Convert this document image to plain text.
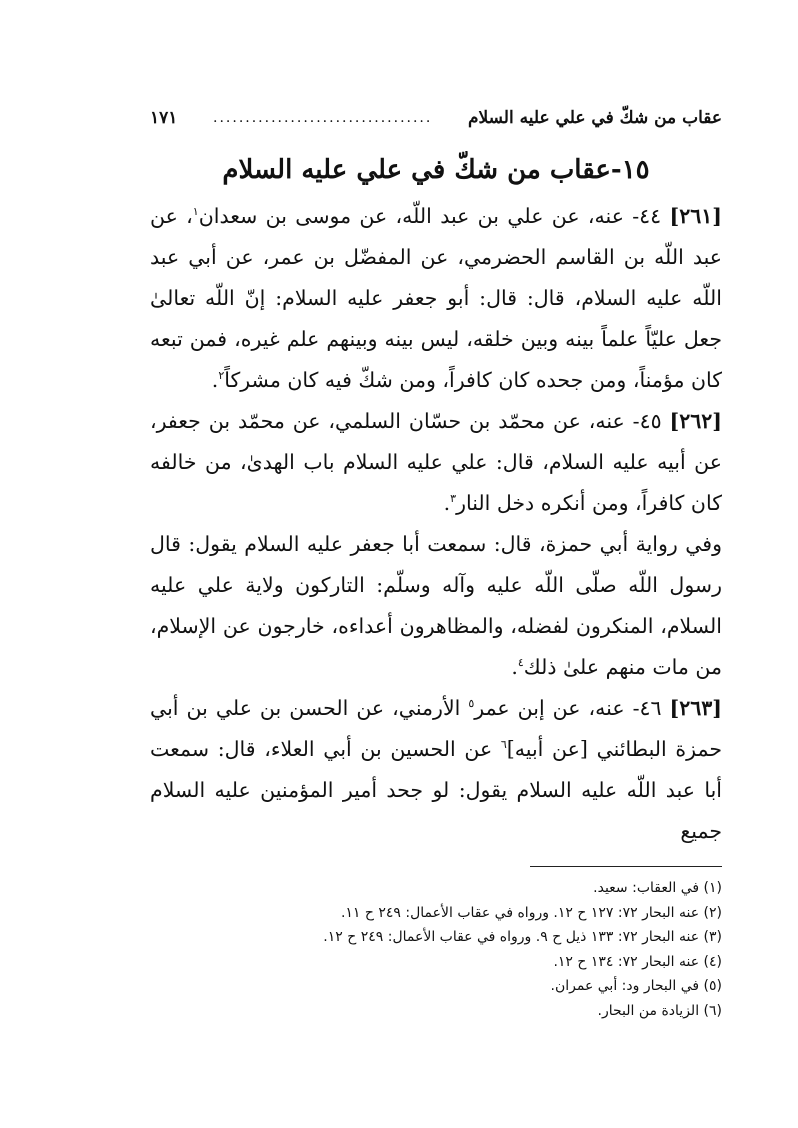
عقاب من شكّ في علي عليه السلام
..................................
١٧١
١٥-عقاب من شكّ في علي عليه السلام

[٢٦١] ٤٤- عنه، عن علي بن عبد اللّه، عن موسى بن سعدان$^١$، عن عبد اللّه بن القاسم الحضرمي، عن المفضّل بن عمر، عن أبي عبد اللّه عليه السلام، قال: قال: أبو جعفر عليه السلام: إنّ اللّه تعالىٰ جعل عليّاً علماً بينه وبين خلقه، ليس بينه وبينهم علم غيره، فمن تبعه كان مؤمناً، ومن جحده كان كافراً، ومن شكّ فيه كان مشركاً$^٢$.

[٢٦٢] ٤٥- عنه، عن محمّد بن حسّان السلمي، عن محمّد بن جعفر، عن أبيه عليه السلام، قال: علي عليه السلام باب الهدىٰ، من خالفه كان كافراً، ومن أنكره دخل النار$^٣$.

وفي رواية أبي حمزة، قال: سمعت أبا جعفر عليه السلام يقول: قال رسول اللّه صلّى اللّه عليه وآله وسلّم: التاركون ولاية علي عليه السلام، المنكرون لفضله، والمظاهرون أعداءه، خارجون عن الإسلام، من مات منهم علىٰ ذلك$^٤$.

[٢٦٣] ٤٦- عنه، عن إبن عمر$^٥$ الأرمني، عن الحسن بن علي بن أبي حمزة البطائني [عن أبيه]$^٦$ عن الحسين بن أبي العلاء، قال: سمعت أبا عبد اللّه عليه السلام يقول: لو جحد أمير المؤمنين عليه السلام جميع

(١) في العقاب: سعيد.
(٢) عنه البحار ٧٢: ١٢٧ ح ١٢. ورواه في عقاب الأعمال: ٢٤٩ ح ١١.
(٣) عنه البحار ٧٢: ١٣٣ ذيل ح ٩. ورواه في عقاب الأعمال: ٢٤٩ ح ١٢.
(٤) عنه البحار ٧٢: ١٣٤ ح ١٢.
(٥) في البحار ود: أبي عمران.
(٦) الزيادة من البحار.
